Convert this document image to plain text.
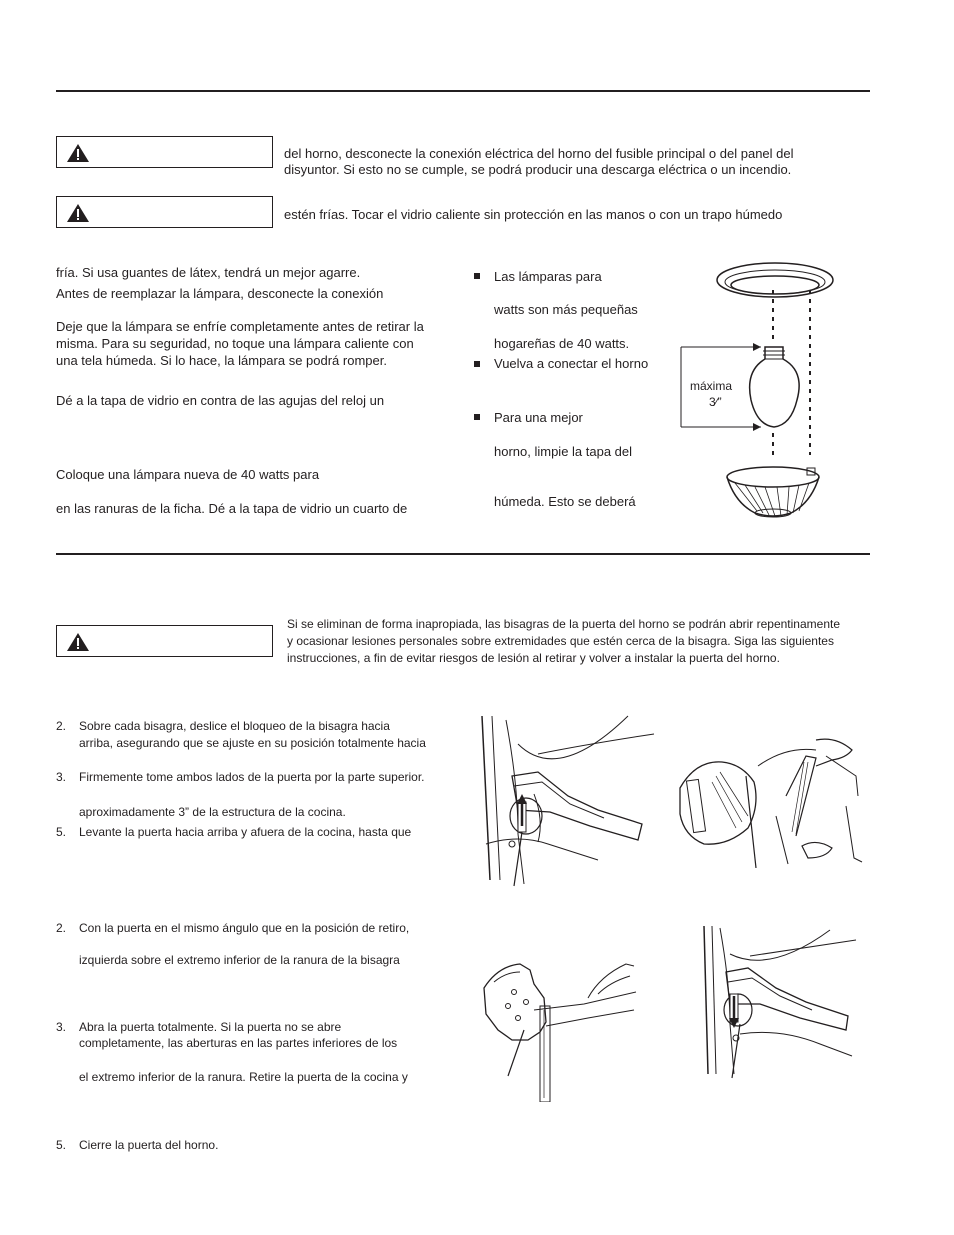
del horno, desconecte la conexión eléctrica del horno del fusible principal o del panel del
disyuntor. Si esto no se cumple, se podrá producir una descarga eléctrica o un incendio.
estén frías. Tocar el vidrio caliente sin protección en las manos o con un trapo húmedo
fría. Si usa guantes de látex, tendrá un mejor agarre.
Antes de reemplazar la lámpara, desconecte la conexión
Deje que la lámpara se enfríe completamente antes de retirar la
misma. Para su seguridad, no toque una lámpara caliente con
una tela húmeda. Si lo hace, la lámpara se podrá romper.
Dé a la tapa de vidrio en contra de las agujas del reloj un
Coloque una lámpara nueva de 40 watts para
en las ranuras de la ficha. Dé a la tapa de vidrio un cuarto de
Las lámparas para
watts son más pequeñas
hogareñas de 40 watts.
Vuelva a conectar el horno
Para una mejor
horno, limpie la tapa del
húmeda. Esto se deberá
máxima
3⁄”
Si se eliminan de forma inapropiada, las bisagras de la puerta del horno se podrán abrir repentinamente
y ocasionar lesiones personales sobre extremidades que estén cerca de la bisagra. Siga las siguientes
instrucciones, a fin de evitar riesgos de lesión al retirar y volver a instalar la puerta del horno.
2. Sobre cada bisagra, deslice el bloqueo de la bisagra hacia
arriba, asegurando que se ajuste en su posición totalmente hacia
3. Firmemente tome ambos lados de la puerta por la parte superior.
aproximadamente 3” de la estructura de la cocina.
5. Levante la puerta hacia arriba y afuera de la cocina, hasta que
2. Con la puerta en el mismo ángulo que en la posición de retiro,
izquierda sobre el extremo inferior de la ranura de la bisagra
3. Abra la puerta totalmente. Si la puerta no se abre
completamente, las aberturas en las partes inferiores de los
el extremo inferior de la ranura. Retire la puerta de la cocina y
5. Cierre la puerta del horno.
